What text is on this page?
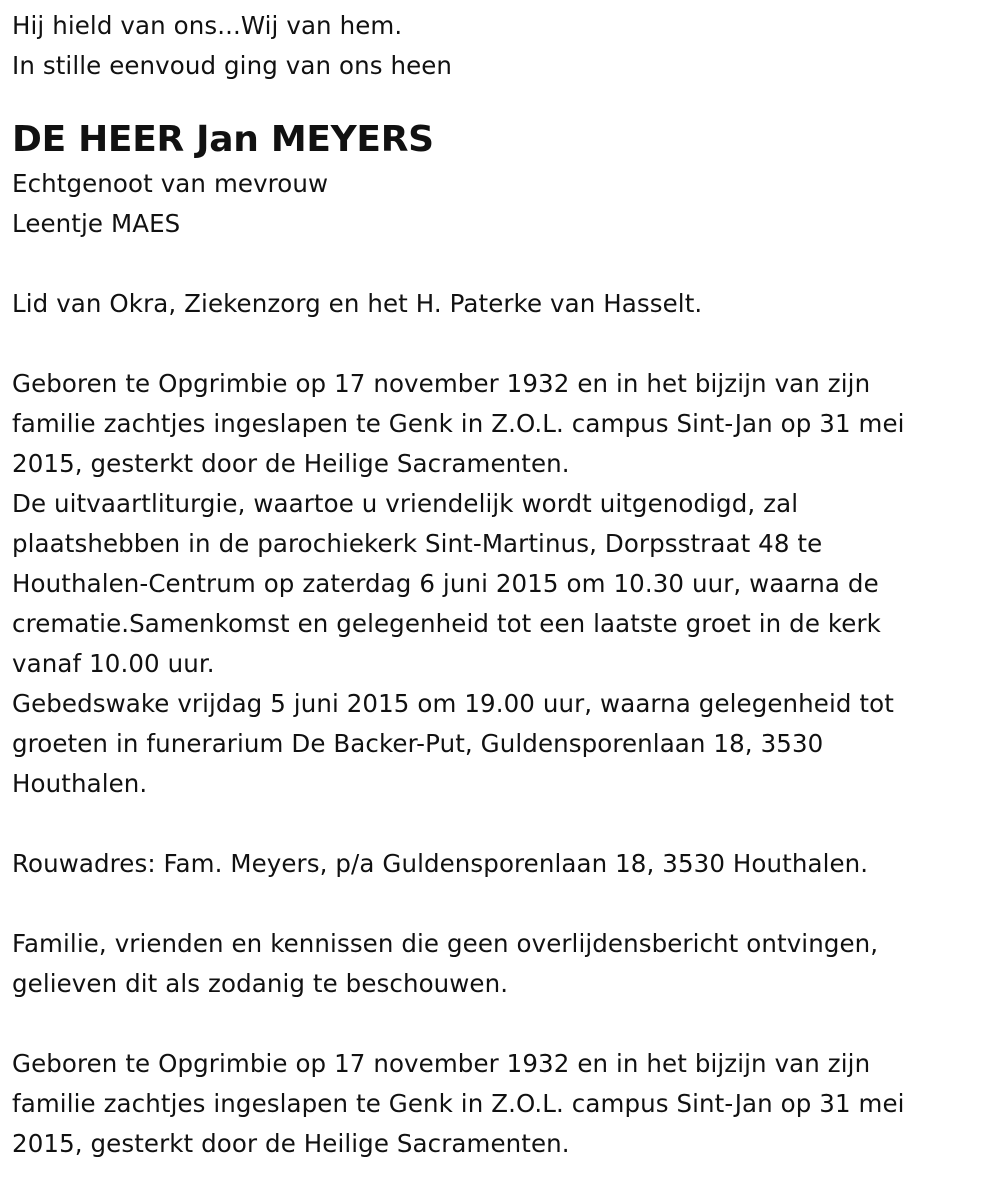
Hij hield van ons...Wij van hem.
In stille eenvoud ging van ons heen
DE HEER Jan MEYERS
Echtgenoot van mevrouw
Leentje MAES
Lid van Okra, Ziekenzorg en het H. Paterke van Hasselt.
Geboren te Opgrimbie op 17 november 1932 en in het bijzijn van zijn
familie zachtjes ingeslapen te Genk in Z.O.L. campus Sint-Jan op 31 mei
2015, gesterkt door de Heilige Sacramenten.
De uitvaartliturgie, waartoe u vriendelijk wordt uitgenodigd, zal
plaatshebben in de parochiekerk Sint-Martinus, Dorpsstraat 48 te
Houthalen-Centrum op zaterdag 6 juni 2015 om 10.30 uur, waarna de
crematie.Samenkomst en gelegenheid tot een laatste groet in de kerk
vanaf 10.00 uur.
Gebedswake vrijdag 5 juni 2015 om 19.00 uur, waarna gelegenheid tot
groeten in funerarium De Backer-Put, Guldensporenlaan 18, 3530
Houthalen.
Rouwadres: Fam. Meyers, p/a Guldensporenlaan 18, 3530 Houthalen.
Familie, vrienden en kennissen die geen overlijdensbericht ontvingen,
gelieven dit als zodanig te beschouwen.
Geboren te Opgrimbie op 17 november 1932 en in het bijzijn van zijn
familie zachtjes ingeslapen te Genk in Z.O.L. campus Sint-Jan op 31 mei
2015, gesterkt door de Heilige Sacramenten.
